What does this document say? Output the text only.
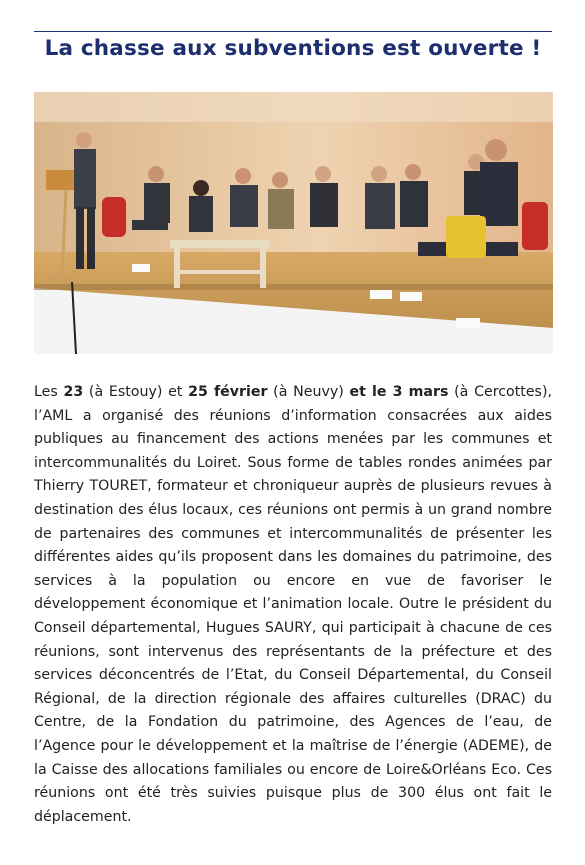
La chasse aux subventions est ouverte !
Les 23 (à Estouy) et 25 février (à Neuvy) et le 3 mars (à Cercottes), l’AML a organisé des réunions d’information consacrées aux aides publiques au financement des actions menées par les communes et intercommunalités du Loiret. Sous forme de tables rondes animées par Thierry TOURET, formateur et chroniqueur auprès de plusieurs revues à destination des élus locaux, ces réunions ont permis à un grand nombre de partenaires des communes et intercommunalités de présenter les différentes aides qu’ils proposent dans les domaines du patrimoine, des services à la population ou encore en vue de favoriser le développement économique et l’animation locale. Outre le président du Conseil départemental, Hugues SAURY, qui participait à chacune de ces réunions, sont intervenus des représentants de la préfecture et des services déconcentrés de l’Etat, du Conseil Départemental, du Conseil Régional, de la direction régionale des affaires culturelles (DRAC) du Centre, de la Fondation du patrimoine, des Agences de l’eau, de l’Agence pour le développement et la maîtrise de l’énergie (ADEME), de la Caisse des allocations familiales ou encore de Loire&Orléans Eco. Ces réunions ont été très suivies puisque plus de 300 élus ont fait le déplacement.
